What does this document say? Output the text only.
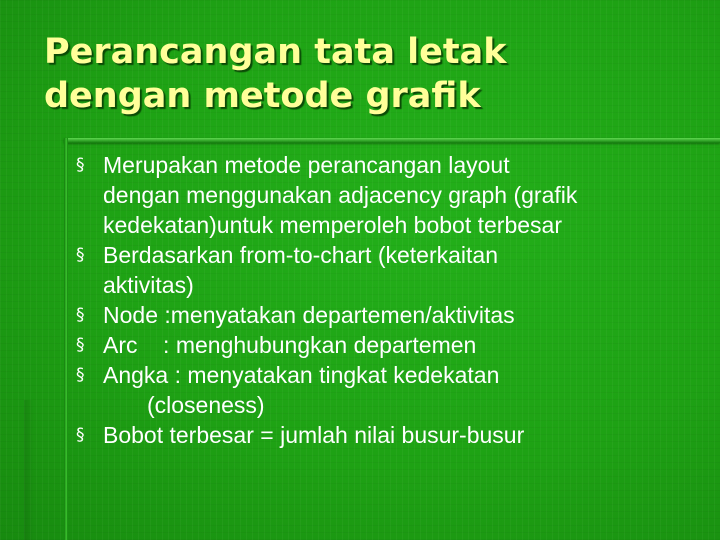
Perancangan tata letak
dengan metode grafik
§ Merupakan metode perancangan layout
dengan menggunakan adjacency graph (grafik
kedekatan)untuk memperoleh bobot terbesar
§ Berdasarkan from-to-chart (keterkaitan
aktivitas)
§ Node :menyatakan departemen/aktivitas
§ Arc    : menghubungkan departemen
§ Angka : menyatakan tingkat kedekatan
(closeness)
§ Bobot terbesar = jumlah nilai busur-busur
